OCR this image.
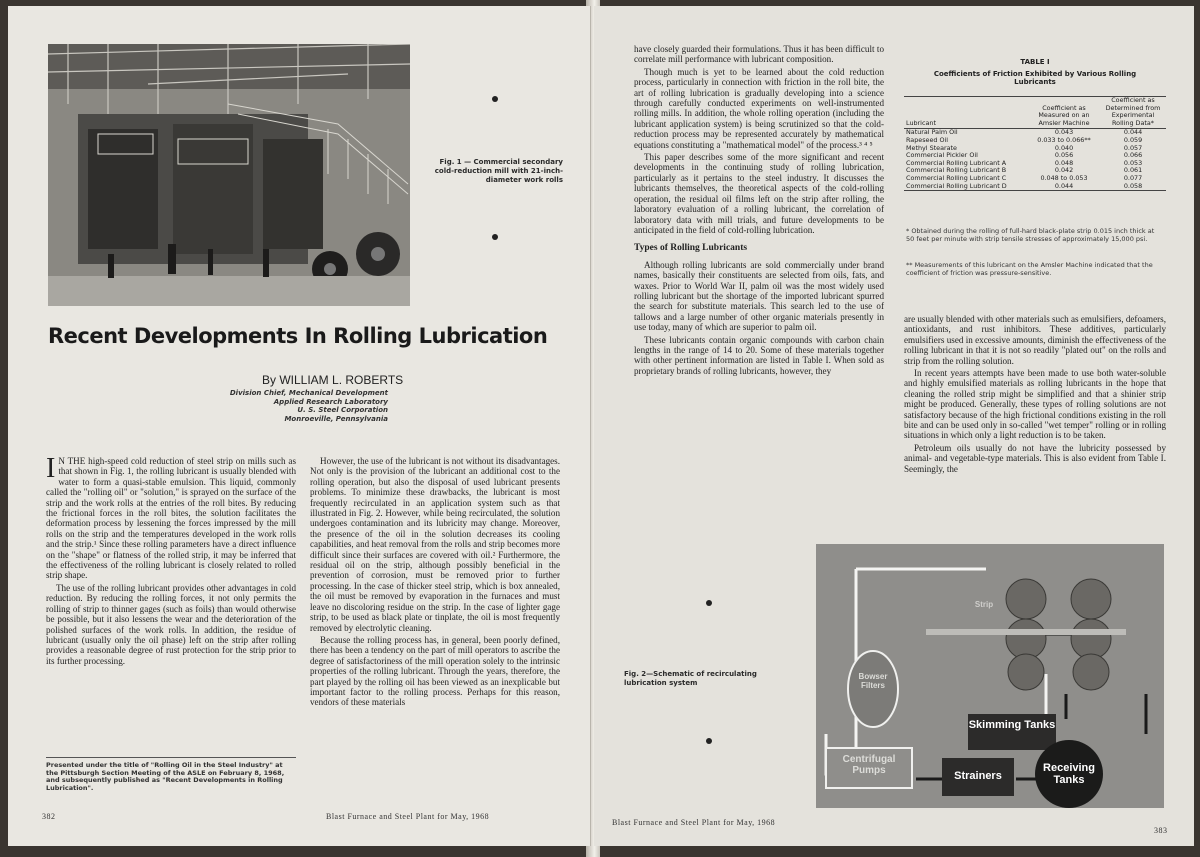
Fig. 1 — Commercial secondary cold-reduction mill with 21-inch-diameter work rolls
Recent Developments In Rolling Lubrication
By WILLIAM L. ROBERTS
Division Chief, Mechanical Development
Applied Research Laboratory
U. S. Steel Corporation
Monroeville, Pennsylvania

I N THE high-speed cold reduction of steel strip on mills such as that shown in Fig. 1, the rolling lubricant is usually blended with water to form a quasi-stable emulsion. This liquid, commonly called the "rolling oil" or "solution," is sprayed on the surface of the strip and the work rolls at the entries of the roll bites. By reducing the frictional forces in the roll bites, the solution facilitates the deformation process by lessening the forces impressed by the mill rolls on the strip and the temperatures developed in the work rolls and the strip.¹ Since these rolling parameters have a direct influence on the "shape" or flatness of the rolled strip, it may be inferred that the effectiveness of the rolling lubricant is closely related to rolled strip shape.

The use of the rolling lubricant provides other advantages in cold reduction. By reducing the rolling forces, it not only permits the rolling of strip to thinner gages (such as foils) than would otherwise be possible, but it also lessens the wear and the deterioration of the polished surfaces of the work rolls. In addition, the residue of lubricant (usually only the oil phase) left on the strip after rolling provides a reasonable degree of rust protection for the strip prior to its further processing.

Presented under the title of "Rolling Oil in the Steel Industry" at the Pittsburgh Section Meeting of the ASLE on February 8, 1968, and subsequently published as "Recent Developments in Rolling Lubrication".

However, the use of the lubricant is not without its disadvantages. Not only is the provision of the lubricant an additional cost to the rolling operation, but also the disposal of used lubricant presents problems. To minimize these drawbacks, the lubricant is most frequently recirculated in an application system such as that illustrated in Fig. 2. However, while being recirculated, the solution undergoes contamination and its lubricity may change. Moreover, the presence of the oil in the solution decreases its cooling capabilities, and heat removal from the rolls and strip becomes more difficult since their surfaces are covered with oil.² Furthermore, the residual oil on the strip, although possibly beneficial in the prevention of corrosion, must be removed prior to further processing. In the case of thicker steel strip, which is box annealed, the oil must be removed by evaporation in the furnaces and must leave no discoloring residue on the strip. In the case of lighter gage strip, to be used as black plate or tinplate, the oil is most frequently removed by electrolytic cleaning.

Because the rolling process has, in general, been poorly defined, there has been a tendency on the part of mill operators to ascribe the degree of satisfactoriness of the mill operation solely to the intrinsic properties of the rolling lubricant. Through the years, therefore, the part played by the rolling oil has been viewed as an inexplicable but important factor to the rolling process. Perhaps for this reason, vendors of these materials

382	Blast Furnace and Steel Plant for May, 1968

have closely guarded their formulations. Thus it has been difficult to correlate mill performance with lubricant composition.

Though much is yet to be learned about the cold reduction process, particularly in connection with friction in the roll bite, the art of rolling lubrication is gradually developing into a science through carefully conducted experiments on well-instrumented rolling mills. In addition, the whole rolling operation (including the lubricant application system) is being scrutinized so that the cold-reduction process may be represented accurately by mathematical equations constituting a "mathematical model" of the process.³ ⁴ ⁵

This paper describes some of the more significant and recent developments in the continuing study of rolling lubrication, particularly as it pertains to the steel industry. It discusses the lubricants themselves, the theoretical aspects of the cold-rolling operation, the residual oil films left on the strip after rolling, the laboratory evaluation of a rolling lubricant, the correlation of laboratory data with mill trials, and future developments to be anticipated in the field of cold-rolling lubrication.

Types of Rolling Lubricants

Although rolling lubricants are sold commercially under brand names, basically their constituents are selected from oils, fats, and waxes. Prior to World War II, palm oil was the most widely used rolling lubricant but the shortage of the imported lubricant spurred the search for substitute materials. This search led to the use of tallows and a large number of other organic materials presently in use today, many of which are superior to palm oil.

These lubricants contain organic compounds with carbon chain lengths in the range of 14 to 20. Some of these materials together with other pertinent information are listed in Table I. When sold as proprietary brands of rolling lubricants, however, they

TABLE I
Coefficients of Friction Exhibited by Various Rolling Lubricants
Lubricant	Coefficient as Measured on an Amsler Machine	Coefficient as Determined from Experimental Rolling Data*
Natural Palm Oil	0.043	0.044
Rapeseed Oil	0.033 to 0.066**	0.059
Methyl Stearate	0.040	0.057
Commercial Pickler Oil	0.056	0.066
Commercial Rolling Lubricant A	0.048	0.053
Commercial Rolling Lubricant B	0.042	0.061
Commercial Rolling Lubricant C	0.048 to 0.053	0.077
Commercial Rolling Lubricant D	0.044	0.058
* Obtained during the rolling of full-hard black-plate strip 0.015 inch thick at 50 feet per minute with strip tensile stresses of approximately 15,000 psi.
** Measurements of this lubricant on the Amsler Machine indicated that the coefficient of friction was pressure-sensitive.

are usually blended with other materials such as emulsifiers, defoamers, antioxidants, and rust inhibitors. These additives, particularly emulsifiers used in excessive amounts, diminish the effectiveness of the rolling lubricant in that it is not so readily "plated out" on the rolls and strip from the rolling solution.

In recent years attempts have been made to use both water-soluble and highly emulsified materials as rolling lubricants in the hope that cleaning the rolled strip might be simplified and that a shinier strip might be produced. Generally, these types of rolling solutions are not satisfactory because of the high frictional conditions existing in the roll bite and can be used only in so-called "wet temper" rolling or in rolling situations in which only a light reduction is to be taken.

Petroleum oils usually do not have the lubricity possessed by animal- and vegetable-type materials. This is also evident from Table I. Seemingly, the

Fig. 2—Schematic of recirculating lubrication system
Strip
Bowser Filters
Skimming Tanks
Strainers
Receiving Tanks
Centrifugal Pumps
Blast Furnace and Steel Plant for May, 1968
383
